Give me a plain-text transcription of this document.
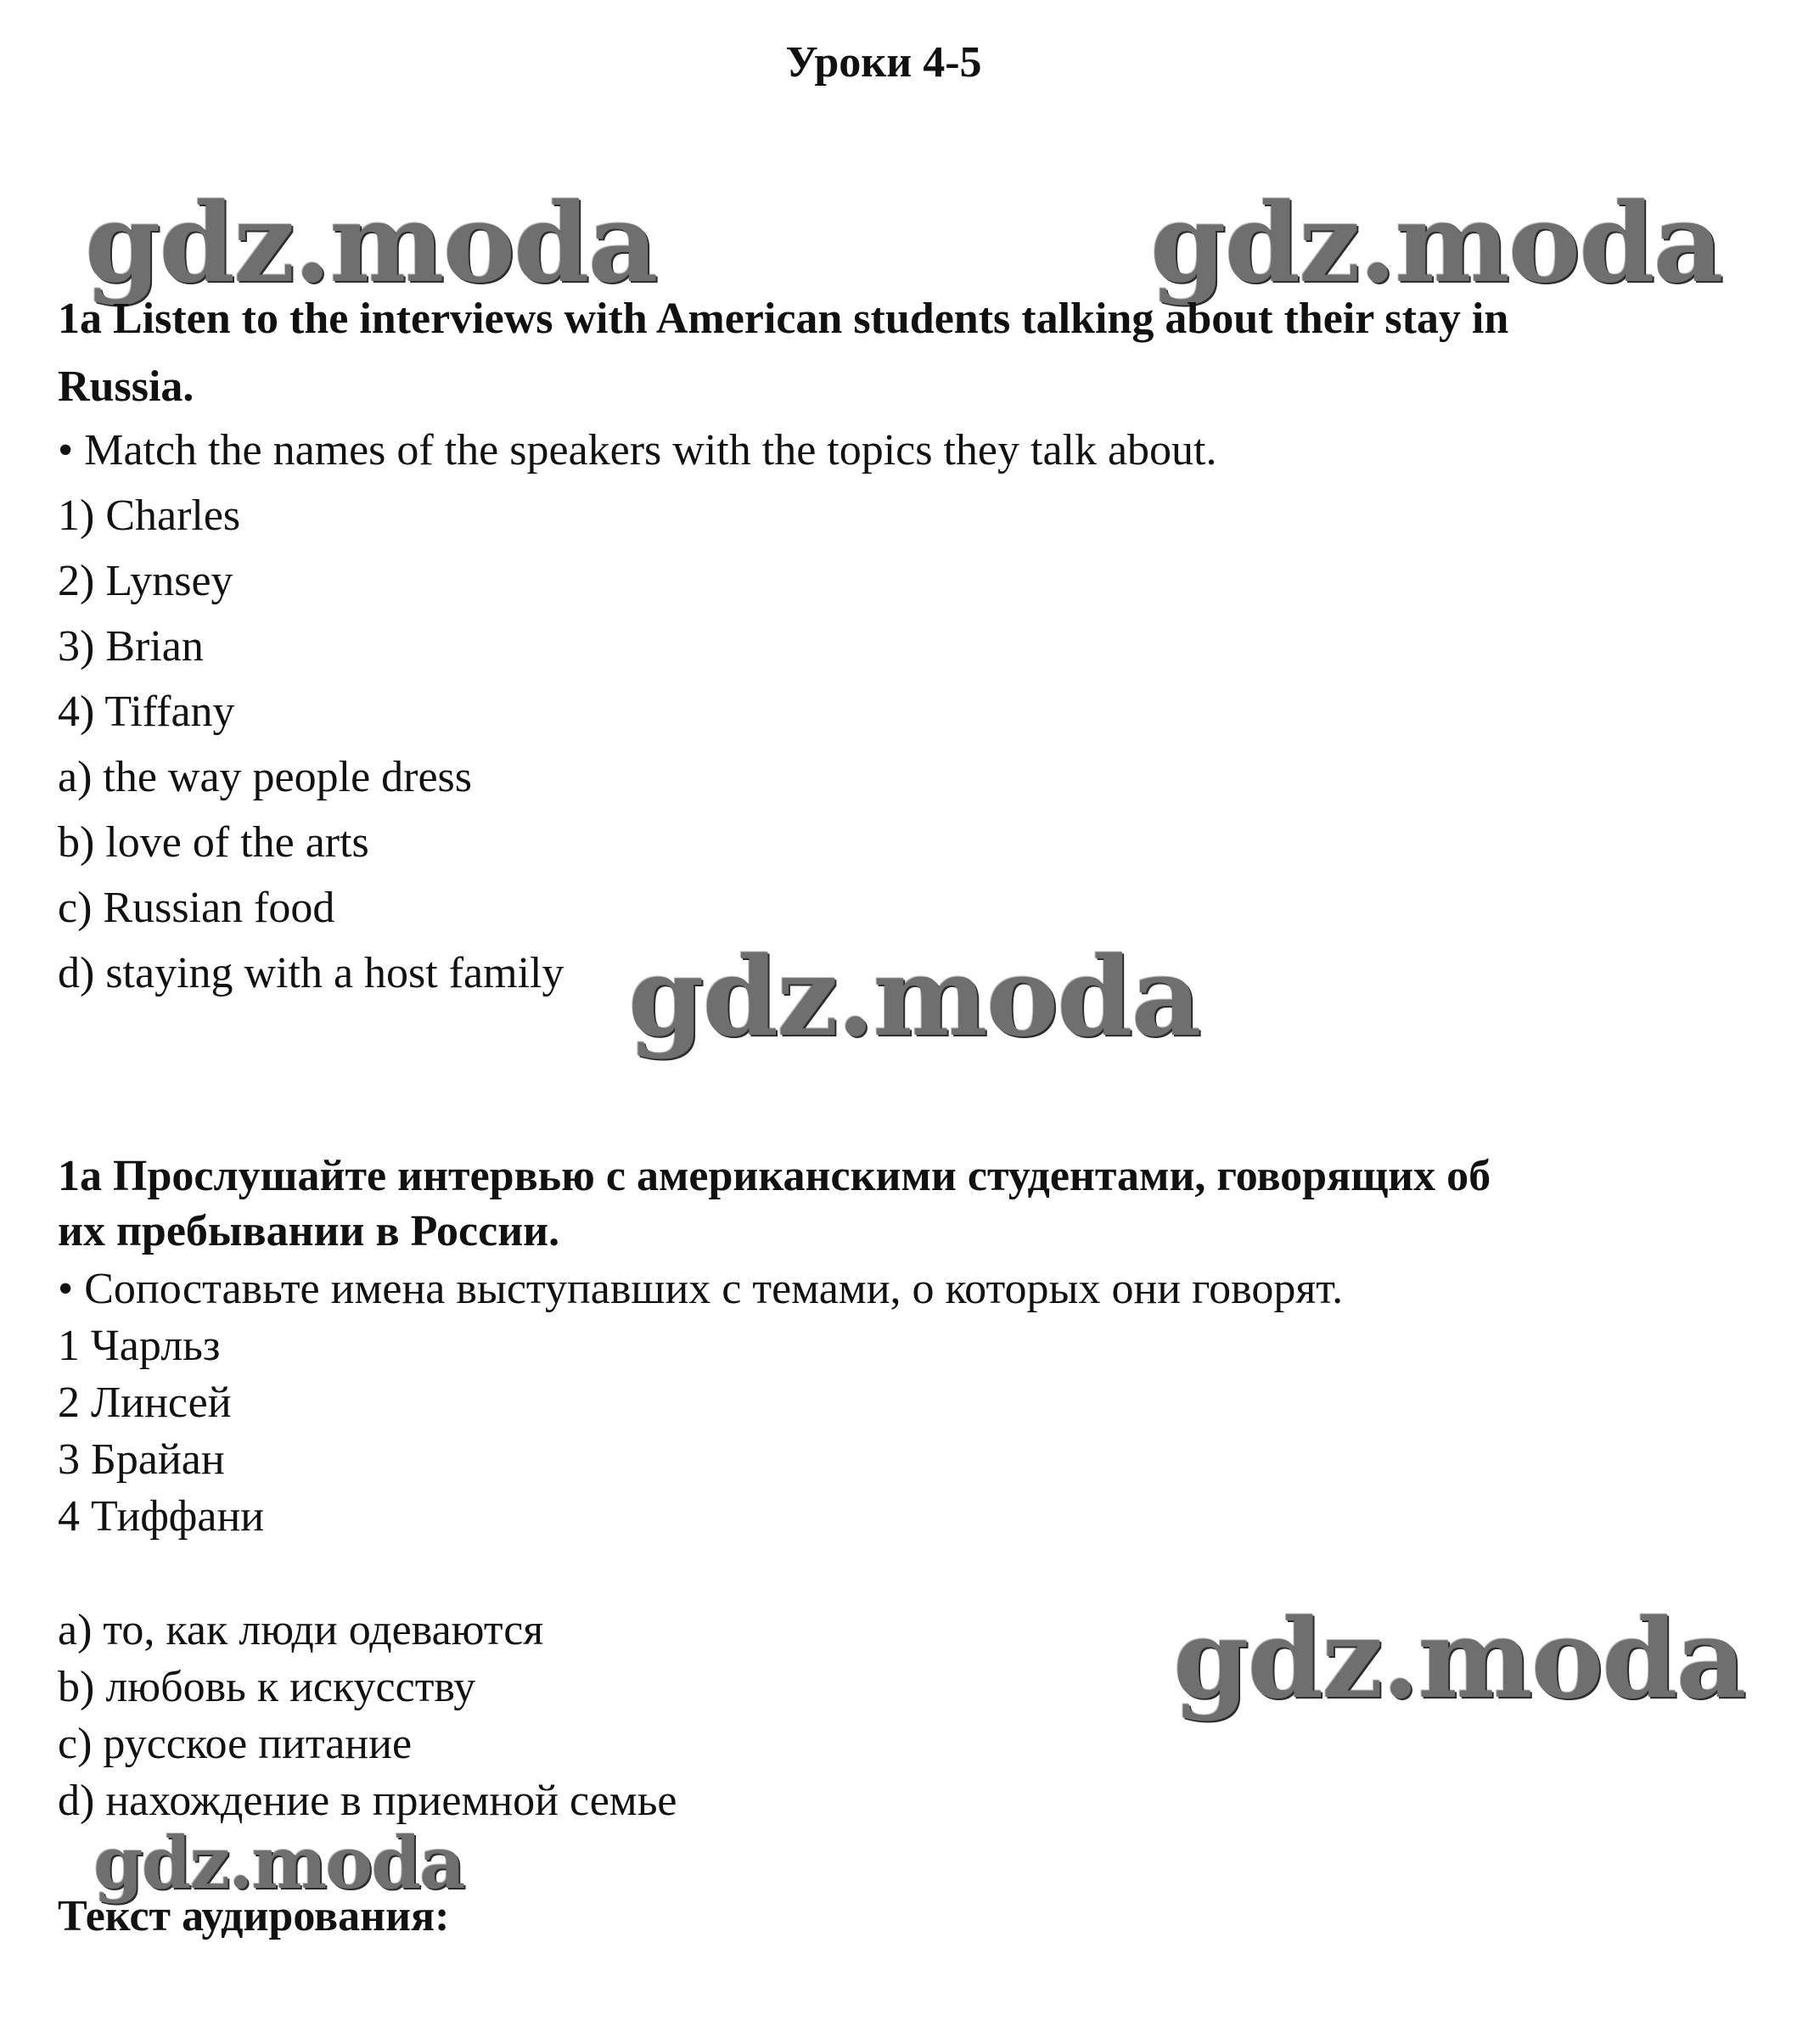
Уроки 4-5
gdz.moda	gdz.moda
gdz.moda
gdz.moda
gdz.moda
1a Listen to the interviews with American students talking about their stay in
Russia.
• Match the names of the speakers with the topics they talk about.
1) Charles
2) Lynsey
3) Brian
4) Tiffany
a) the way people dress
b) love of the arts
c) Russian food
d) staying with a host family
1a Прослушайте интервью с американскими студентами, говорящих об
их пребывании в России.
• Сопоставьте имена выступавших с темами, о которых они говорят.
1 Чарльз
2 Линсей
3 Брайан
4 Тиффани
a) то, как люди одеваются
b) любовь к искусству
c) русское питание
d) нахождение в приемной семье
Текст аудирования:
